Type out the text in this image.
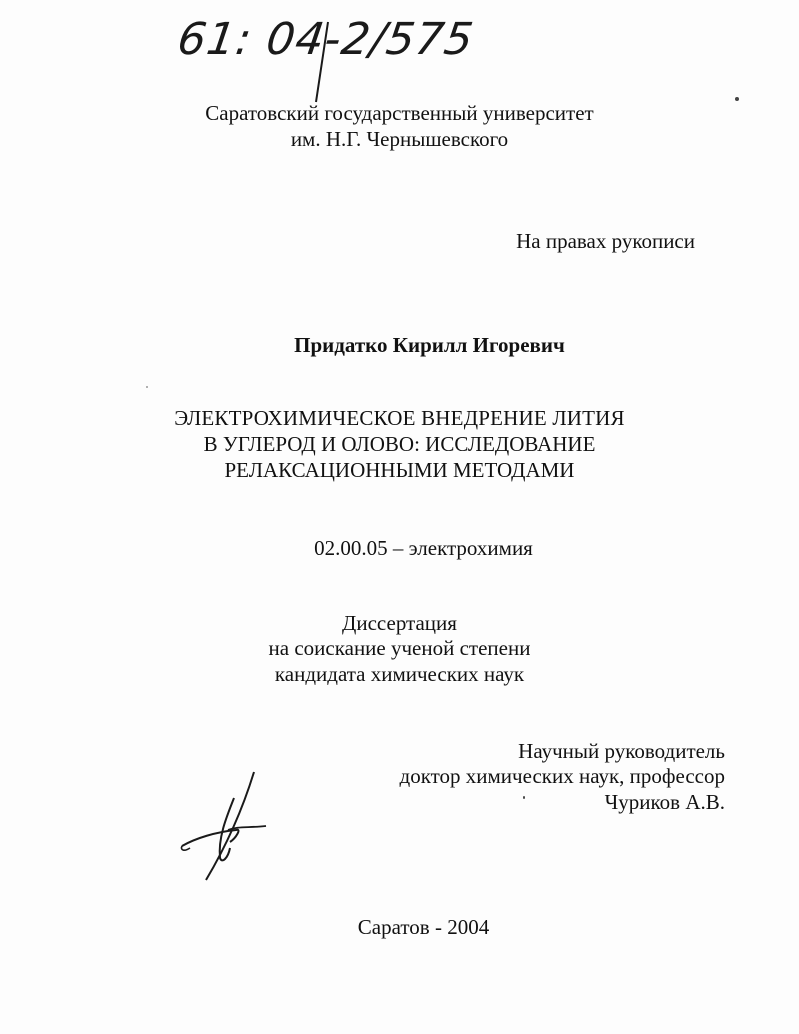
61: 04-2/575
Саратовский государственный университет
им. Н.Г. Чернышевского
На правах рукописи
Придатко Кирилл Игоревич
ЭЛЕКТРОХИМИЧЕСКОЕ ВНЕДРЕНИЕ ЛИТИЯ
В УГЛЕРОД И ОЛОВО: ИССЛЕДОВАНИЕ
РЕЛАКСАЦИОННЫМИ МЕТОДАМИ
02.00.05 – электрохимия
Диссертация
на соискание ученой степени
кандидата химических наук
Научный руководитель
доктор химических наук, профессор
Чуриков А.В.
Саратов - 2004
